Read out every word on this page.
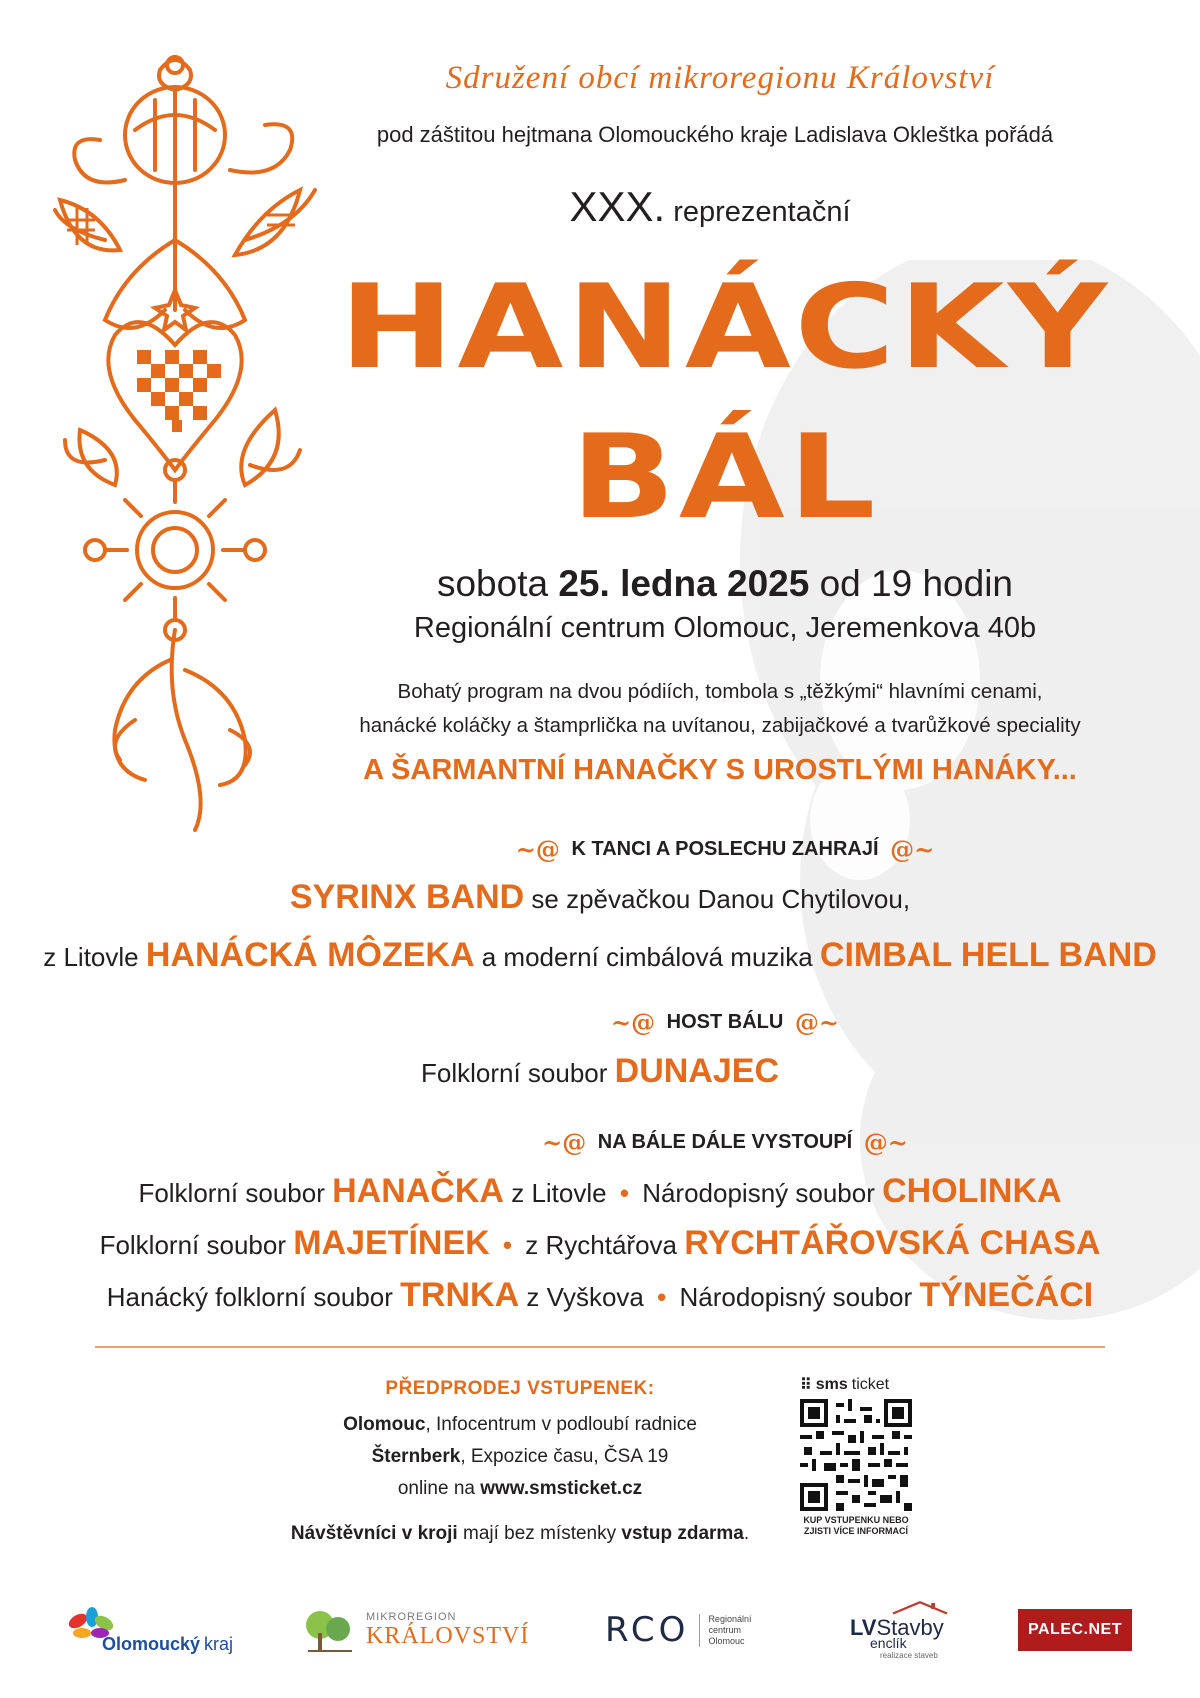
Sdružení obcí mikroregionu Království
pod záštitou hejtmana Olomouckého kraje Ladislava Okleštka pořádá
XXX. reprezentační
HANÁCKÝ
BÁL
sobota 25. ledna 2025 od 19 hodin
Regionální centrum Olomouc, Jeremenkova 40b
Bohatý program na dvou pódiích, tombola s „těžkými“ hlavními cenami,
hanácké koláčky a štamprlička na uvítanou, zabijačkové a tvarůžkové speciality
A ŠARMANTNÍ HANAČKY S UROSTLÝMI HANÁKY...
~@ K TANCI A POSLECHU ZAHRAJÍ @~
SYRINX BAND se zpěvačkou Danou Chytilovou,
z Litovle HANÁCKÁ MÔZEKA a moderní cimbálová muzika CIMBAL HELL BAND
~@ HOST BÁLU @~
Folklorní soubor DUNAJEC
~@ NA BÁLE DÁLE VYSTOUPÍ @~
Folklorní soubor HANAČKA z Litovle • Národopisný soubor CHOLINKA
Folklorní soubor MAJETÍNEK • z Rychtářova RYCHTÁŘOVSKÁ CHASA
Hanácký folklorní soubor TRNKA z Vyškova • Národopisný soubor TÝNEČÁCI
PŘEDPRODEJ VSTUPENEK:
Olomouc, Infocentrum v podloubí radnice
Šternberk, Expozice času, ČSA 19
online na www.smsticket.cz
Návštěvníci v kroji mají bez místenky vstup zdarma.
⠿ sms ticket
KUP VSTUPENKU NEBO
ZJISTI VÍCE INFORMACÍ
Olomoucký kraj
MIKROREGION
KRÁLOVSTVÍ RCO Regionální
centrum
Olomouc
LV Stavby
enclík
realizace staveb
PALEC.NET
